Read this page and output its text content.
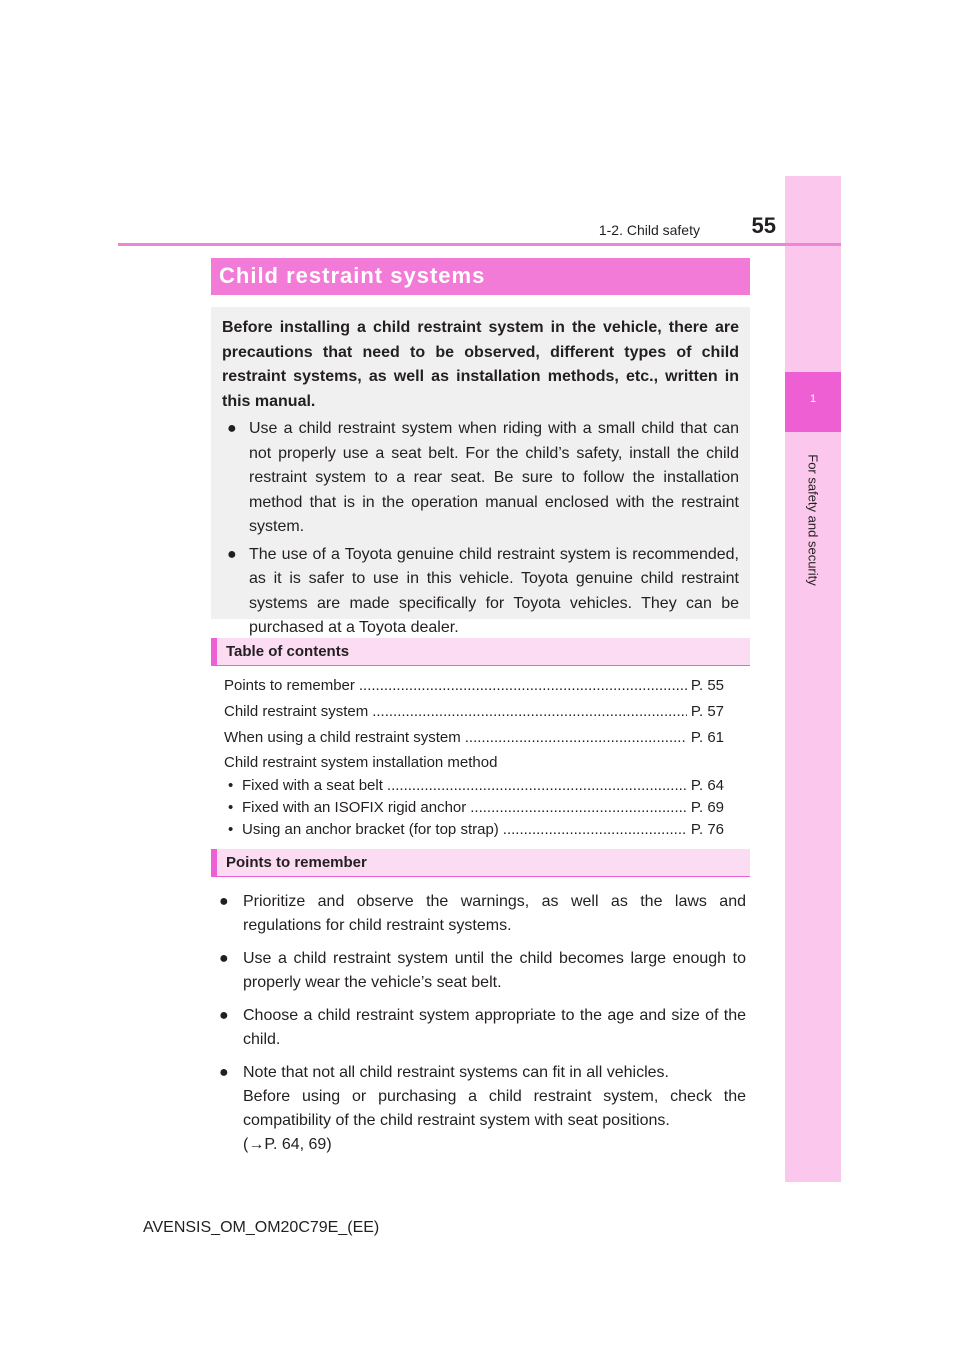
1
For safety and security
1-2. Child safety	55
Child restraint systems

Before installing a child restraint system in the vehicle, there are precautions that need to be observed, different types of child restraint systems, as well as installation methods, etc., written in this manual.

● Use a child restraint system when riding with a small child that can not properly use a seat belt. For the child’s safety, install the child restraint system to a rear seat. Be sure to follow the installation method that is in the operation manual enclosed with the restraint system.
● The use of a Toyota genuine child restraint system is recommended, as it is safer to use in this vehicle. Toyota genuine child restraint systems are made specifically for Toyota vehicles. They can be purchased at a Toyota dealer.
Table of contents
Points to remember .....	P. 55
Child restraint system .....	P. 57
When using a child restraint system .....	P. 61
Child restraint system installation method
• Fixed with a seat belt .....	P. 64
• Fixed with an ISOFIX rigid anchor .....	P. 69
• Using an anchor bracket (for top strap) .....	P. 76
Points to remember
● Prioritize and observe the warnings, as well as the laws and regulations for child restraint systems.
● Use a child restraint system until the child becomes large enough to properly wear the vehicle’s seat belt.
● Choose a child restraint system appropriate to the age and size of the child.
● Note that not all child restraint systems can fit in all vehicles.
Before using or purchasing a child restraint system, check the compatibility of the child restraint system with seat positions.
(→P. 64, 69)
AVENSIS_OM_OM20C79E_(EE)
